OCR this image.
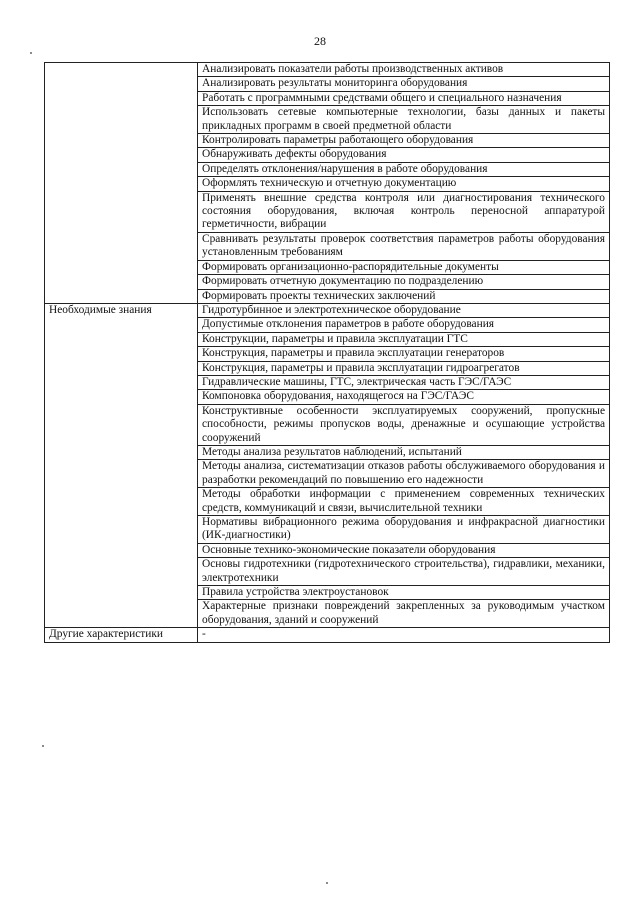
28
	Анализировать показатели работы производственных активов
	Анализировать результаты мониторинга оборудования
	Работать с программными средствами общего и специального назначения
	Использовать сетевые компьютерные технологии, базы данных и пакеты прикладных программ в своей предметной области
	Контролировать параметры работающего оборудования
	Обнаруживать дефекты оборудования
	Определять отклонения/нарушения в работе оборудования
	Оформлять техническую и отчетную документацию
	Применять внешние средства контроля или диагностирования технического состояния оборудования, включая контроль переносной аппаратурой герметичности, вибрации
	Сравнивать результаты проверок соответствия параметров работы оборудования установленным требованиям
	Формировать организационно-распорядительные документы
	Формировать отчетную документацию по подразделению
	Формировать проекты технических заключений
Необходимые знания	Гидротурбинное и электротехническое оборудование
	Допустимые отклонения параметров в работе оборудования
	Конструкции, параметры и правила эксплуатации ГТС
	Конструкция, параметры и правила эксплуатации генераторов
	Конструкция, параметры и правила эксплуатации гидроагрегатов
	Гидравлические машины, ГТС, электрическая часть ГЭС/ГАЭС
	Компоновка оборудования, находящегося на ГЭС/ГАЭС
	Конструктивные особенности эксплуатируемых сооружений, пропускные способности, режимы пропусков воды, дренажные и осушающие устройства сооружений
	Методы анализа результатов наблюдений, испытаний
	Методы анализа, систематизации отказов работы обслуживаемого оборудования и разработки рекомендаций по повышению его надежности
	Методы обработки информации с применением современных технических средств, коммуникаций и связи, вычислительной техники
	Нормативы вибрационного режима оборудования и инфракрасной диагностики (ИК-диагностики)
	Основные технико-экономические показатели оборудования
	Основы гидротехники (гидротехнического строительства), гидравлики, механики, электротехники
	Правила устройства электроустановок
	Характерные признаки повреждений закрепленных за руководимым участком оборудования, зданий и сооружений
Другие характеристики	-
